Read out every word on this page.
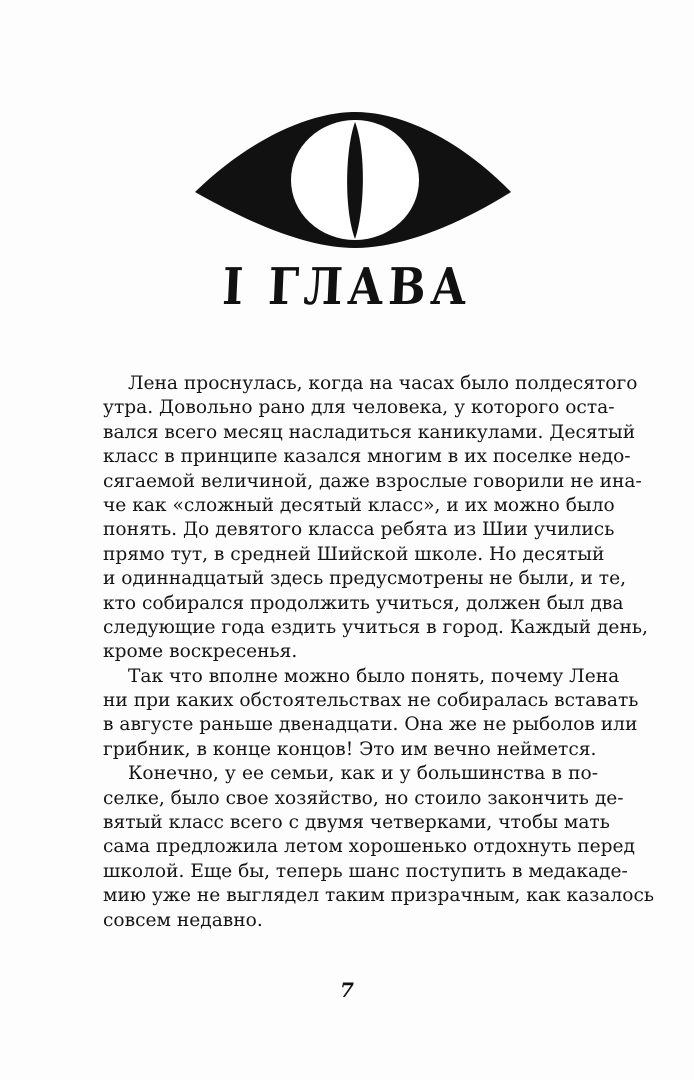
I ГЛАВА
Лена проснулась, когда на часах было полдесятого
утра. Довольно рано для человека, у которого оста-
вался всего месяц насладиться каникулами. Десятый
класс в принципе казался многим в их поселке недо-
сягаемой величиной, даже взрослые говорили не ина-
че как «сложный десятый класс», и их можно было
понять. До девятого класса ребята из Шии учились
прямо тут, в средней Шийской школе. Но десятый
и одиннадцатый здесь предусмотрены не были, и те,
кто собирался продолжить учиться, должен был два
следующие года ездить учиться в город. Каждый день,
кроме воскресенья.
Так что вполне можно было понять, почему Лена
ни при каких обстоятельствах не собиралась вставать
в августе раньше двенадцати. Она же не рыболов или
грибник, в конце концов! Это им вечно неймется.
Конечно, у ее семьи, как и у большинства в по-
селке, было свое хозяйство, но стоило закончить де-
вятый класс всего с двумя четверками, чтобы мать
сама предложила летом хорошенько отдохнуть перед
школой. Еще бы, теперь шанс поступить в медакаде-
мию уже не выглядел таким призрачным, как казалось
совсем недавно.
7
